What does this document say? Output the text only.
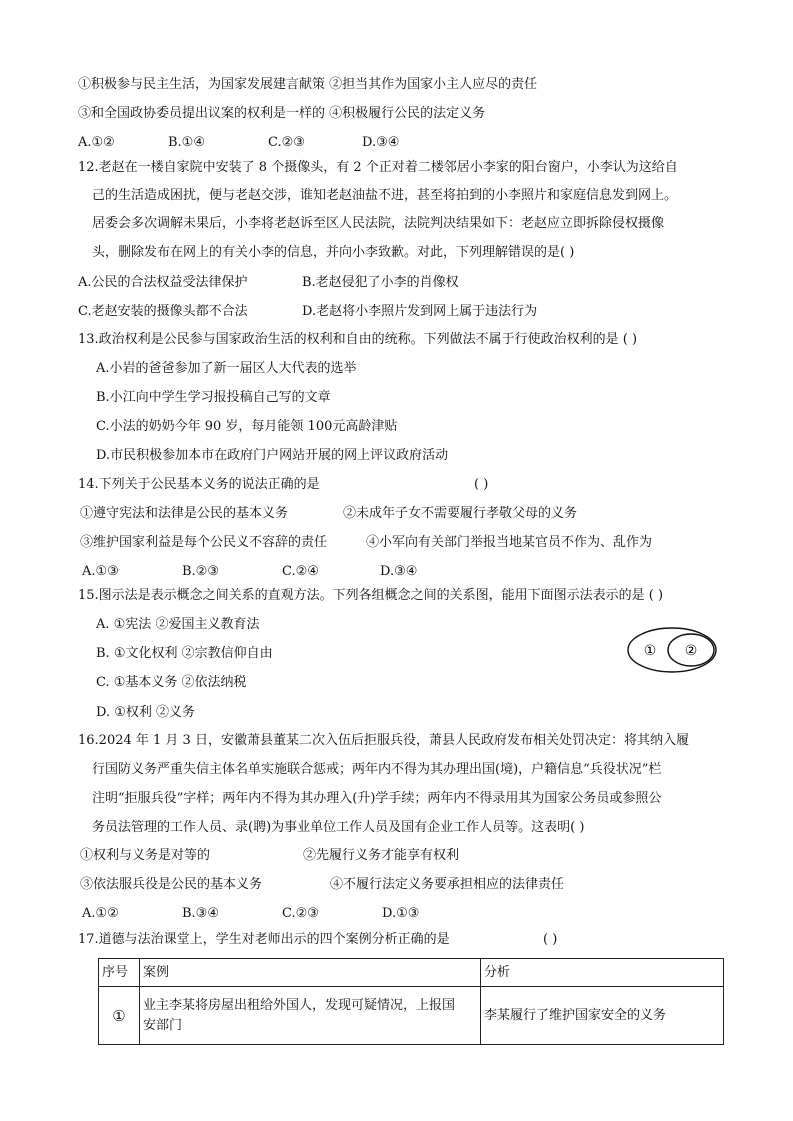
①积极参与民主生活，为国家发展建言献策 ②担当其作为国家小主人应尽的责任
③和全国政协委员提出议案的权利是一样的 ④积极履行公民的法定义务
A.①②	B.①④	C.②③	D.③④
12.老赵在一楼自家院中安装了 8 个摄像头，有 2 个正对着二楼邻居小李家的阳台窗户，小李认为这给自
己的生活造成困扰，便与老赵交涉，谁知老赵油盐不进，甚至将拍到的小李照片和家庭信息发到网上。
居委会多次调解未果后，小李将老赵诉至区人民法院，法院判决结果如下：老赵应立即拆除侵权摄像
头，删除发布在网上的有关小李的信息，并向小李致歉。对此，下列理解错误的是( )
A.公民的合法权益受法律保护	B.老赵侵犯了小李的肖像权
C.老赵安装的摄像头都不合法	D.老赵将小李照片发到网上属于违法行为
13.政治权利是公民参与国家政治生活的权利和自由的统称。下列做法不属于行使政治权利的是 ( )
A.小岩的爸爸参加了新一届区人大代表的选举
B.小江向中学生学习报投稿自己写的文章
C.小法的奶奶今年 90 岁，每月能领 100元高龄津贴
D.市民积极参加本市在政府门户网站开展的网上评议政府活动
14.下列关于公民基本义务的说法正确的是	( )
①遵守宪法和法律是公民的基本义务	②未成年子女不需要履行孝敬父母的义务
③维护国家利益是每个公民义不容辞的责任	④小军向有关部门举报当地某官员不作为、乱作为
A.①③	B.②③	C.②④	D.③④
15.图示法是表示概念之间关系的直观方法。下列各组概念之间的关系图，能用下面图示法表示的是 ( )
A. ①宪法 ②爱国主义教育法
B. ①文化权利 ②宗教信仰自由
C. ①基本义务 ②依法纳税
D. ①权利 ②义务
① ②
16.2024 年 1 月 3 日，安徽萧县董某二次入伍后拒服兵役，萧县人民政府发布相关处罚决定：将其纳入履
行国防义务严重失信主体名单实施联合惩戒；两年内不得为其办理出国(境)，户籍信息“兵役状况”栏
注明“拒服兵役”字样；两年内不得为其办理入(升)学手续；两年内不得录用其为国家公务员或参照公
务员法管理的工作人员、录(聘)为事业单位工作人员及国有企业工作人员等。这表明( )
①权利与义务是对等的	②先履行义务才能享有权利
③依法服兵役是公民的基本义务	④不履行法定义务要承担相应的法律责任
A.①②	B.③④	C.②③	D.①③
17.道德与法治课堂上，学生对老师出示的四个案例分析正确的是	( )
序号	案例	分析
①	业主李某将房屋出租给外国人，发现可疑情况，上报国
安部门	李某履行了维护国家安全的义务
